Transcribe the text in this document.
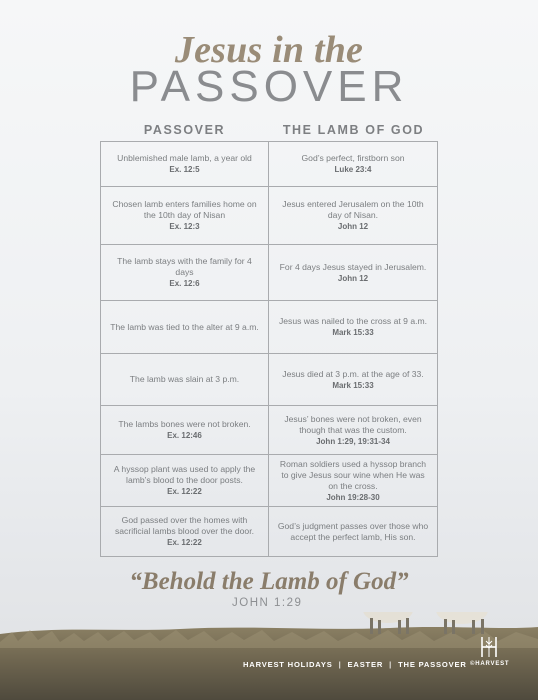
Jesus in the
PASSOVER
PASSOVER	THE LAMB OF GOD
Unblemished male lamb, a year old
Ex. 12:5
God’s perfect, firstborn son
Luke 23:4
Chosen lamb enters families home on the 10th day of Nisan
Ex. 12:3
Jesus entered Jerusalem on the 10th day of Nisan.
John 12
The lamb stays with the family for 4 days
Ex. 12:6
For 4 days Jesus stayed in Jerusalem.
John 12
The lamb was tied to the alter at 9 a.m.
Jesus was nailed to the cross at 9 a.m.
Mark 15:33
The lamb was slain at 3 p.m.
Jesus died at 3 p.m. at the age of 33.
Mark 15:33
The lambs bones were not broken.
Ex. 12:46
Jesus’ bones were not broken, even though that was the custom.
John 1:29, 19:31-34
A hyssop plant was used to apply the lamb’s blood to the door posts.
Ex. 12:22
Roman soldiers used a hyssop branch to give Jesus sour wine when He was on the cross.
John 19:28-30
God passed over the homes with sacrificial lambs blood over the door.
Ex. 12:22
God’s judgment passes over those who accept the perfect lamb, His son.
“Behold the Lamb of God”
JOHN 1:29
HARVEST HOLIDAYS | EASTER | THE PASSOVER ©HARVEST
